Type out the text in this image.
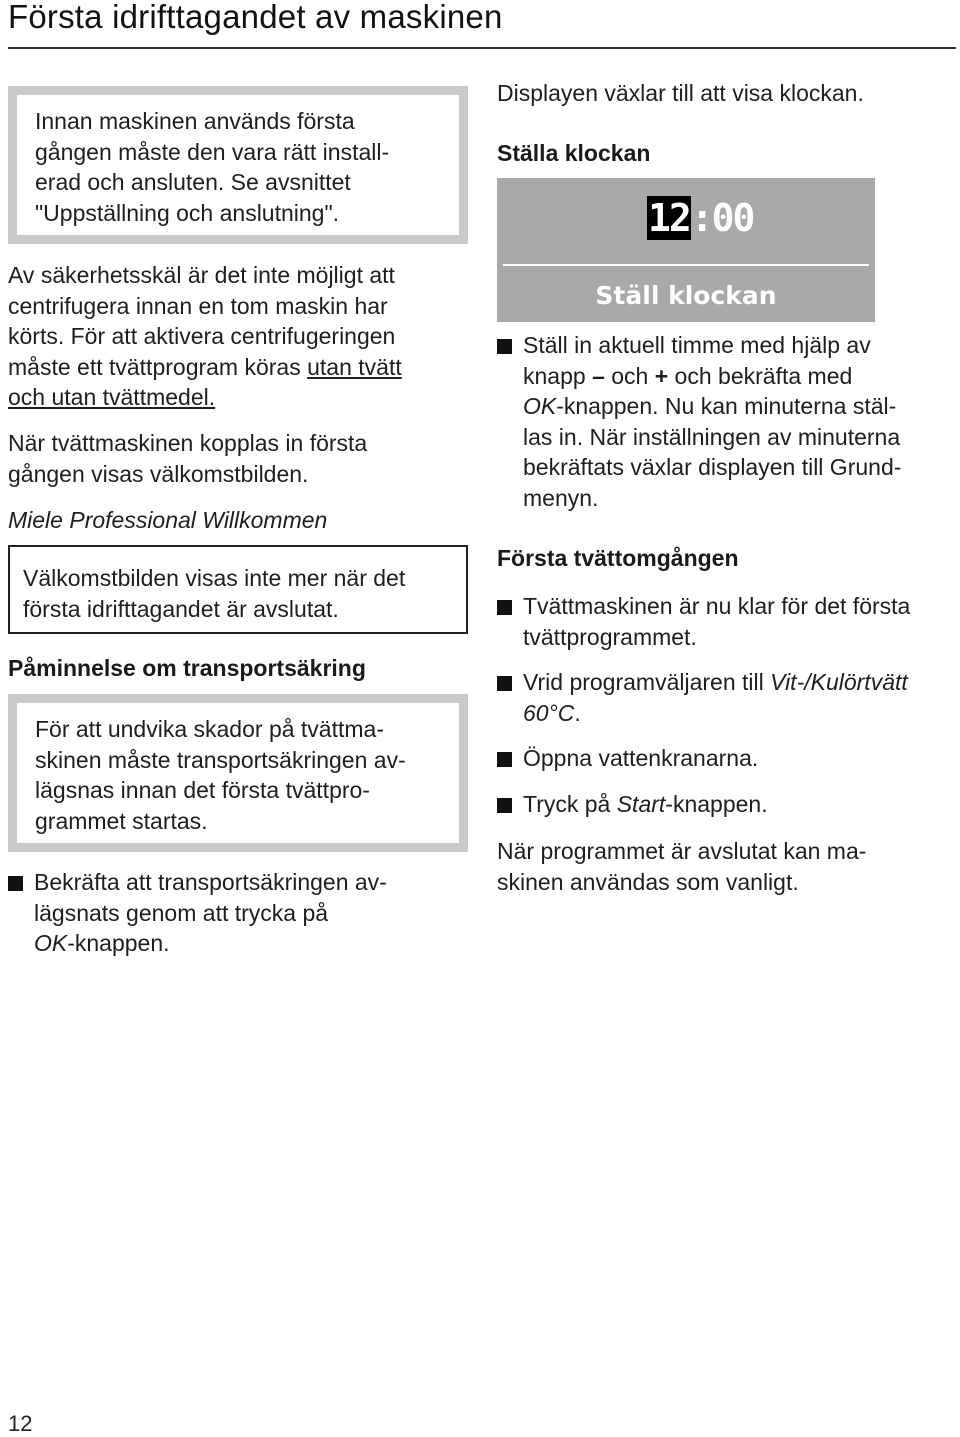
Första idrifttagandet av maskinen

Innan maskinen används första

gången måste den vara rätt install-

erad och ansluten. Se avsnittet

"Uppställning och anslutning".

Av säkerhetsskäl är det inte möjligt att

centrifugera innan en tom maskin har

körts. För att aktivera centrifugeringen

måste ett tvättprogram köras utan tvätt

och utan tvättmedel.

När tvättmaskinen kopplas in första

gången visas välkomstbilden.

Miele Professional Willkommen

Välkomstbilden visas inte mer när det

första idrifttagandet är avslutat.

Påminnelse om transportsäkring

För att undvika skador på tvättma-

skinen måste transportsäkringen av-

lägsnas innan det första tvättpro-

grammet startas.

Bekräfta att transportsäkringen av-
lägsnats genom att trycka på
OK-knappen.
Displayen växlar till att visa klockan.
Ställa klockan
12:00
Ställ klockan
Ställ in aktuell timme med hjälp av
knapp – och + och bekräfta med
OK-knappen. Nu kan minuterna stäl-
las in. När inställningen av minuterna
bekräftats växlar displayen till Grund-
menyn.
Första tvättomgången
Tvättmaskinen är nu klar för det första
tvättprogrammet.
Vrid programväljaren till Vit-/Kulörtvätt
60°C.
Öppna vattenkranarna.
Tryck på Start-knappen.

När programmet är avslutat kan ma-

skinen användas som vanligt.

12
